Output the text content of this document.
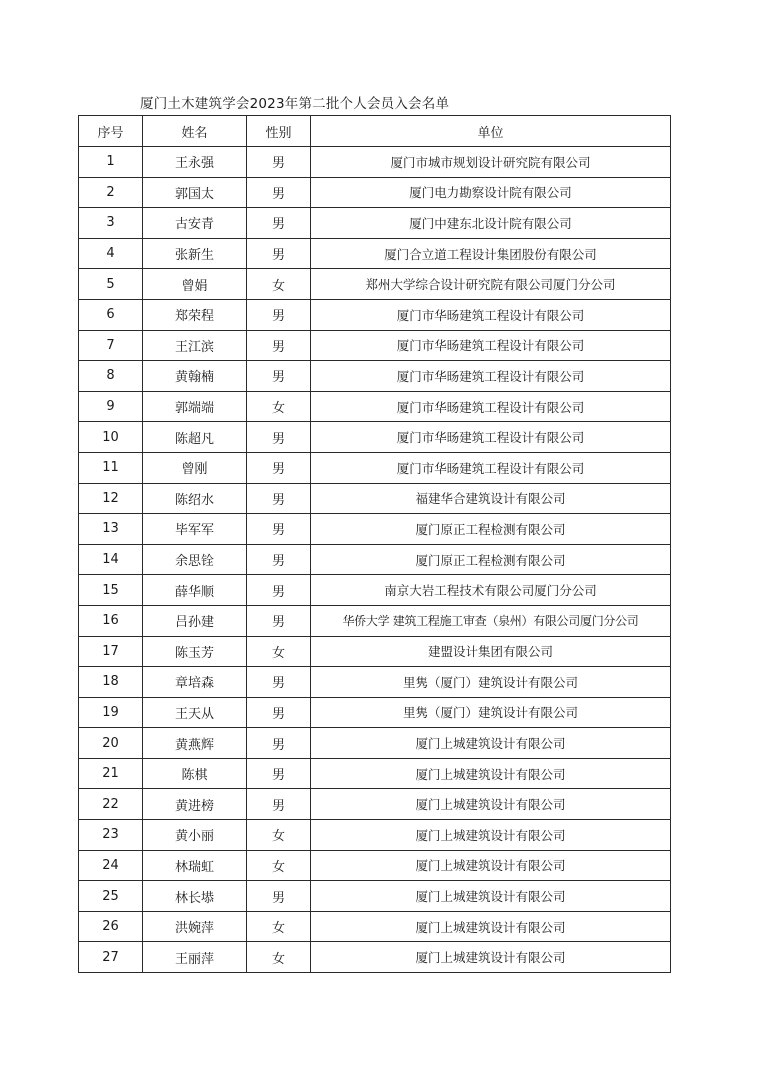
厦门土木建筑学会2023年第二批个人会员入会名单
序号	姓名	性别	单位
1	王永强	男	厦门市城市规划设计研究院有限公司
2	郭国太	男	厦门电力勘察设计院有限公司
3	古安青	男	厦门中建东北设计院有限公司
4	张新生	男	厦门合立道工程设计集团股份有限公司
5	曾娟	女	郑州大学综合设计研究院有限公司厦门分公司
6	郑荣程	男	厦门市华旸建筑工程设计有限公司
7	王江滨	男	厦门市华旸建筑工程设计有限公司
8	黄翰楠	男	厦门市华旸建筑工程设计有限公司
9	郭端端	女	厦门市华旸建筑工程设计有限公司
10	陈超凡	男	厦门市华旸建筑工程设计有限公司
11	曾刚	男	厦门市华旸建筑工程设计有限公司
12	陈绍水	男	福建华合建筑设计有限公司
13	毕军军	男	厦门原正工程检测有限公司
14	余思铨	男	厦门原正工程检测有限公司
15	薛华顺	男	南京大岩工程技术有限公司厦门分公司
16	吕孙建	男	华侨大学 建筑工程施工审查（泉州）有限公司厦门分公司
17	陈玉芳	女	建盟设计集团有限公司
18	章培森	男	里隽（厦门）建筑设计有限公司
19	王天从	男	里隽（厦门）建筑设计有限公司
20	黄燕辉	男	厦门上城建筑设计有限公司
21	陈棋	男	厦门上城建筑设计有限公司
22	黄进榜	男	厦门上城建筑设计有限公司
23	黄小丽	女	厦门上城建筑设计有限公司
24	林瑞虹	女	厦门上城建筑设计有限公司
25	林长塨	男	厦门上城建筑设计有限公司
26	洪婉萍	女	厦门上城建筑设计有限公司
27	王丽萍	女	厦门上城建筑设计有限公司
